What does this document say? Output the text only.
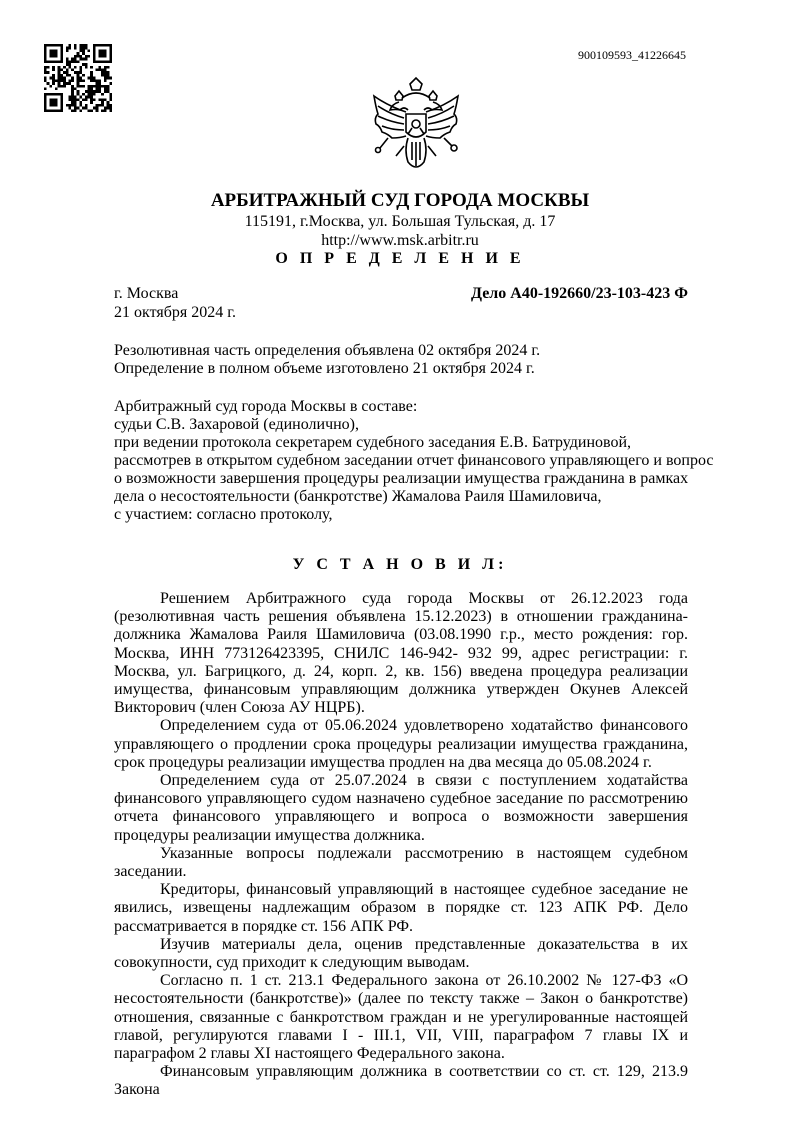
900109593_41226645
АРБИТРАЖНЫЙ СУД ГОРОДА МОСКВЫ
115191, г.Москва, ул. Большая Тульская, д. 17
http://www.msk.arbitr.ru
О П Р Е Д Е Л Е Н И Е
г. Москва	Дело А40-192660/23-103-423 Ф
21 октября 2024 г.
Резолютивная часть определения объявлена 02 октября 2024 г.
Определение в полном объеме изготовлено 21 октября 2024 г.
Арбитражный суд города Москвы в составе:
судьи С.В. Захаровой (единолично),
при ведении протокола секретарем судебного заседания Е.В. Батрудиновой,
рассмотрев в открытом судебном заседании отчет финансового управляющего и вопрос
о возможности завершения процедуры реализации имущества гражданина в рамках
дела о несостоятельности (банкротстве) Жамалова Раиля Шамиловича,
с участием: согласно протоколу,
У С Т А Н О В И Л:

Решением Арбитражного суда города Москвы от 26.12.2023 года (резолютивная часть решения объявлена 15.12.2023) в отношении гражданина-должника Жамалова Раиля Шамиловича (03.08.1990 г.р., место рождения: гор. Москва, ИНН 773126423395, СНИЛС 146-942- 932 99, адрес регистрации: г. Москва, ул. Багрицкого, д. 24, корп. 2, кв. 156) введена процедура реализации имущества, финансовым управляющим должника утвержден Окунев Алексей Викторович (член Союза АУ НЦРБ).

Определением суда от 05.06.2024 удовлетворено ходатайство финансового управляющего о продлении срока процедуры реализации имущества гражданина, срок процедуры реализации имущества продлен на два месяца до 05.08.2024 г.

Определением суда от 25.07.2024 в связи с поступлением ходатайства финансового управляющего судом назначено судебное заседание по рассмотрению отчета финансового управляющего и вопроса о возможности завершения процедуры реализации имущества должника.

Указанные вопросы подлежали рассмотрению в настоящем судебном заседании.

Кредиторы, финансовый управляющий в настоящее судебное заседание не явились, извещены надлежащим образом в порядке ст. 123 АПК РФ. Дело рассматривается в порядке ст. 156 АПК РФ.

Изучив материалы дела, оценив представленные доказательства в их совокупности, суд приходит к следующим выводам.

Согласно п. 1 ст. 213.1 Федерального закона от 26.10.2002 № 127-ФЗ «О несостоятельности (банкротстве)» (далее по тексту также – Закон о банкротстве) отношения, связанные с банкротством граждан и не урегулированные настоящей главой, регулируются главами I - III.1, VII, VIII, параграфом 7 главы IX и параграфом 2 главы XI настоящего Федерального закона.

Финансовым управляющим должника в соответствии со ст. ст. 129, 213.9 Закона
